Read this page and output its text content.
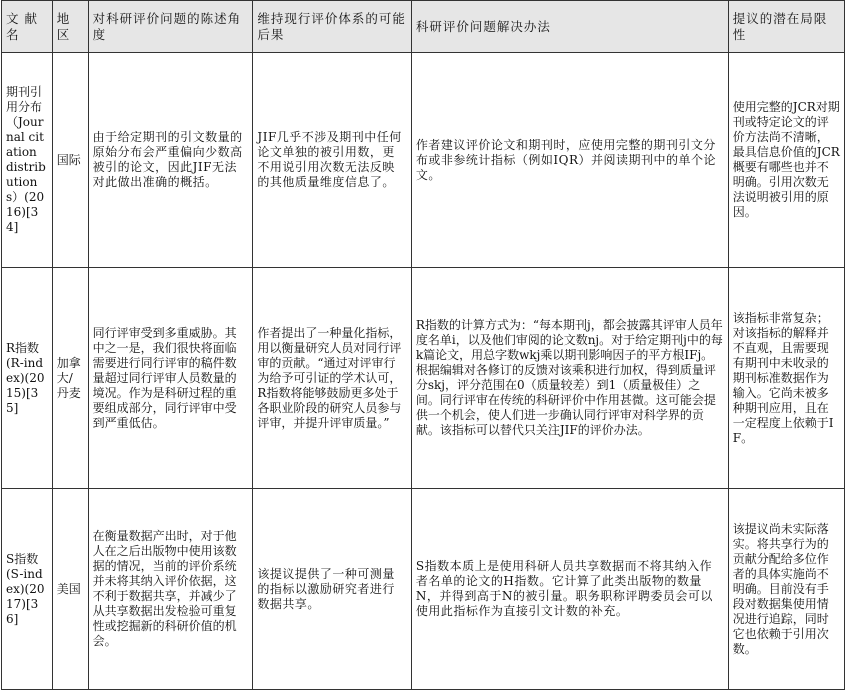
文 献 名	地区	对科研评价问题的陈述角度	维持现行评价体系的可能后果	科研评价问题解决办法	提议的潜在局限性
期刊引用分布（Journal citation distributions）(2016)[34]	国际	由于给定期刊的引文数量的原始分布会严重偏向少数高被引的论文，因此JIF无法对此做出准确的概括。	JIF几乎不涉及期刊中任何论文单独的被引用数，更不用说引用次数无法反映的其他质量维度信息了。	作者建议评价论文和期刊时，应使用完整的期刊引文分布或非参统计指标（例如IQR）并阅读期刊中的单个论文。	使用完整的JCR对期刊或特定论文的评价方法尚不清晰，最具信息价值的JCR概要有哪些也并不明确。引用次数无法说明被引用的原因。
R指数(R-index)(2015)[35]	加拿大/丹麦	同行评审受到多重威胁。其中之一是，我们很快将面临需要进行同行评审的稿件数量超过同行评审人员数量的境况。作为是科研过程的重要组成部分，同行评审中受到严重低估。	作者提出了一种量化指标，用以衡量研究人员对同行评审的贡献。“通过对评审行为给予可引证的学术认可，R指数将能够鼓励更多处于各职业阶段的研究人员参与评审，并提升评审质量。”	R指数的计算方式为：“每本期刊j，都会披露其评审人员年度名单i，以及他们审阅的论文数nj。对于给定期刊j中的每k篇论文，用总字数wkj乘以期刊影响因子的平方根IFj。根据编辑对各修订的反馈对该乘积进行加权，得到质量评分skj，评分范围在0（质量较差）到1（质量极佳）之间。同行评审在传统的科研评价中作用甚微。这可能会提供一个机会，使人们进一步确认同行评审对科学界的贡献。该指标可以替代只关注JIF的评价办法。	该指标非常复杂；对该指标的解释并不直观，且需要现有期刊中未收录的期刊标准数据作为输入。它尚未被多种期刊应用，且在一定程度上依赖于IF。
S指数(S-index)(2017)[36]	美国	在衡量数据产出时，对于他人在之后出版物中使用该数据的情况，当前的评价系统并未将其纳入评价依据，这不利于数据共享，并减少了从共享数据出发检验可重复性或挖掘新的科研价值的机会。	该提议提供了一种可测量的指标以激励研究者进行数据共享。	S指数本质上是使用科研人员共享数据而不将其纳入作者名单的论文的H指数。它计算了此类出版物的数量N，并得到高于N的被引量。职务职称评聘委员会可以使用此指标作为直接引文计数的补充。	该提议尚未实际落实。将共享行为的贡献分配给多位作者的具体实施尚不明确。目前没有手段对数据集使用情况进行追踪，同时它也依赖于引用次数。
